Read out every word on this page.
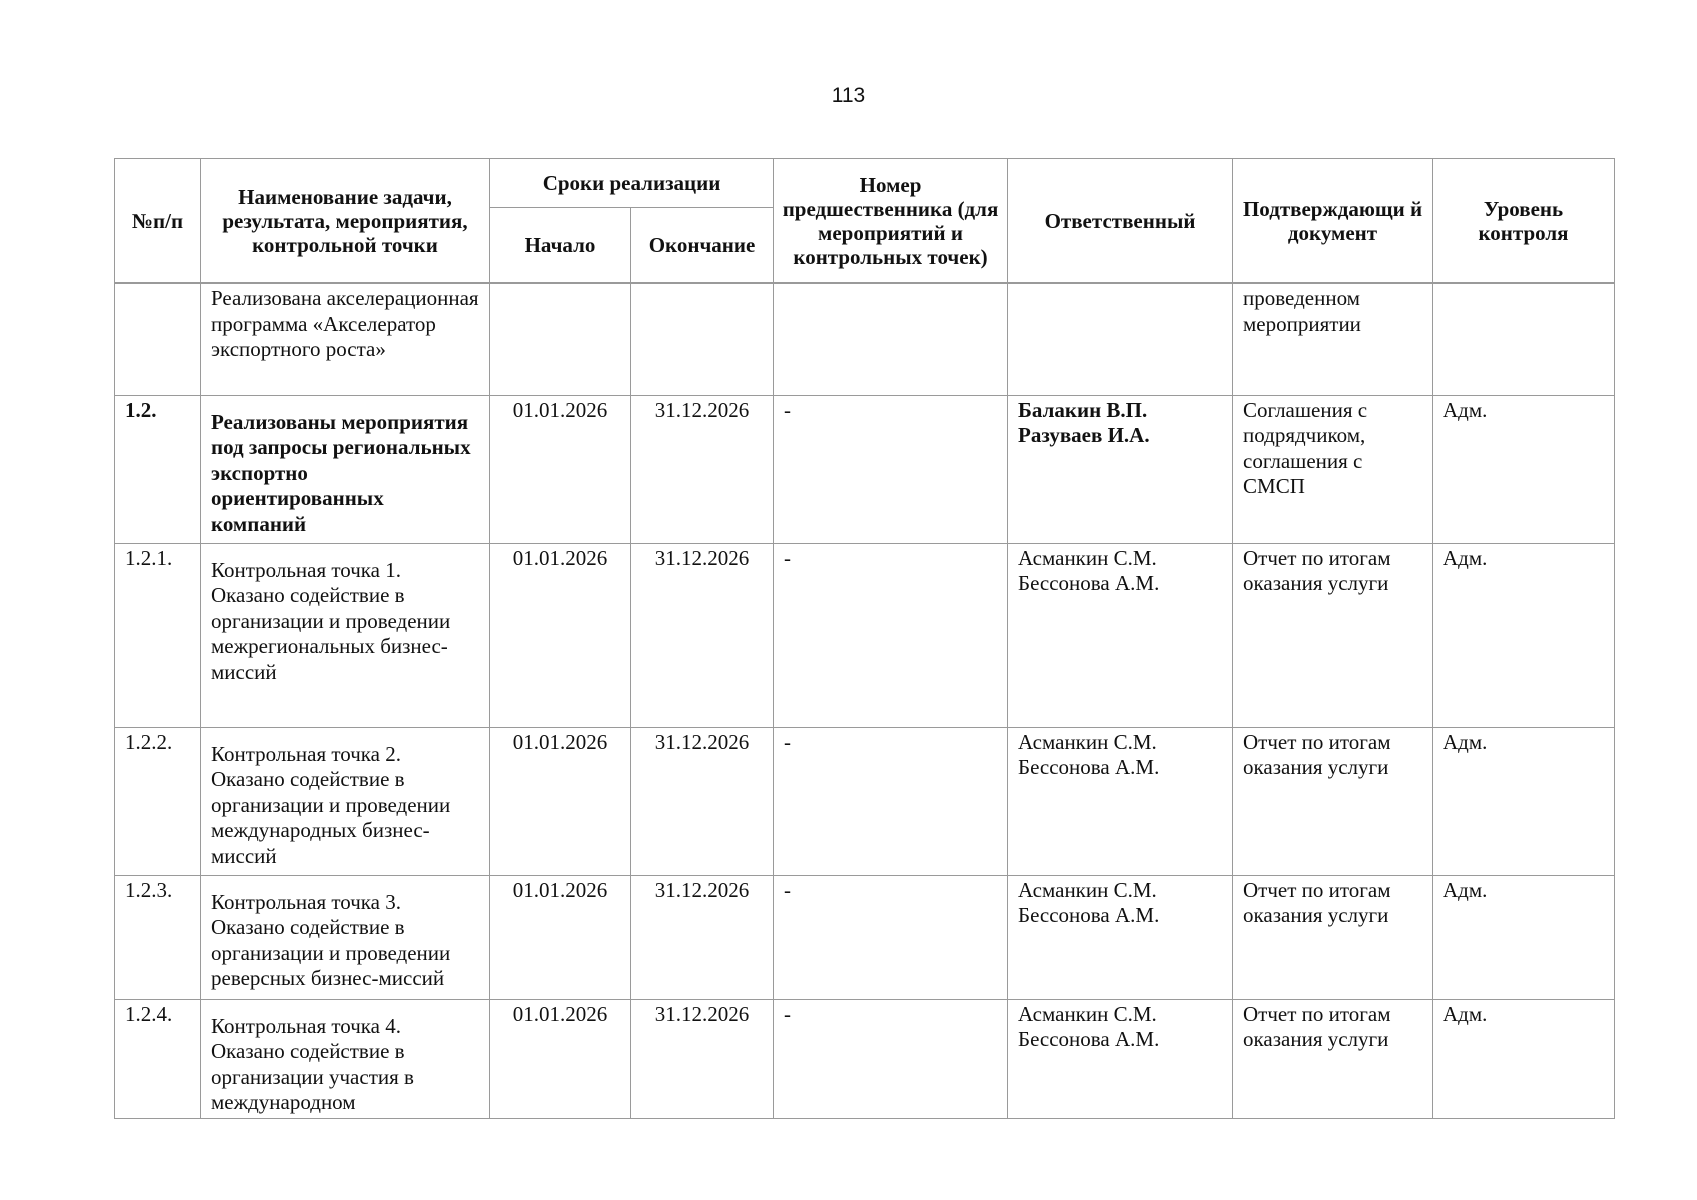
113
№п/п	Наименование задачи, результата, мероприятия, контрольной точки	Сроки реализации		Номер предшественника (для мероприятий и контрольных точек)	Ответственный	Подтверждающи й документ	Уровень контроля
		Начало	Окончание				
	Реализована акселерационная программа «Акселератор экспортного роста»					проведенном мероприятии	
1.2.	Реализованы мероприятия под запросы региональных экспортно ориентированных компаний	01.01.2026	31.12.2026	-	Балакин В.П. Разуваев И.А.	Соглашения с подрядчиком, соглашения с СМСП	Адм.
1.2.1.	Контрольная точка 1. Оказано содействие в организации и проведении межрегиональных бизнес-миссий	01.01.2026	31.12.2026	-	Асманкин С.М. Бессонова А.М.	Отчет по итогам оказания услуги	Адм.
1.2.2.	Контрольная точка 2. Оказано содействие в организации и проведении международных бизнес-миссий	01.01.2026	31.12.2026	-	Асманкин С.М. Бессонова А.М.	Отчет по итогам оказания услуги	Адм.
1.2.3.	Контрольная точка 3. Оказано содействие в организации и проведении реверсных бизнес-миссий	01.01.2026	31.12.2026	-	Асманкин С.М. Бессонова А.М.	Отчет по итогам оказания услуги	Адм.
1.2.4.	Контрольная точка 4. Оказано содействие в организации участия в международном	01.01.2026	31.12.2026	-	Асманкин С.М. Бессонова А.М.	Отчет по итогам оказания услуги	Адм.
